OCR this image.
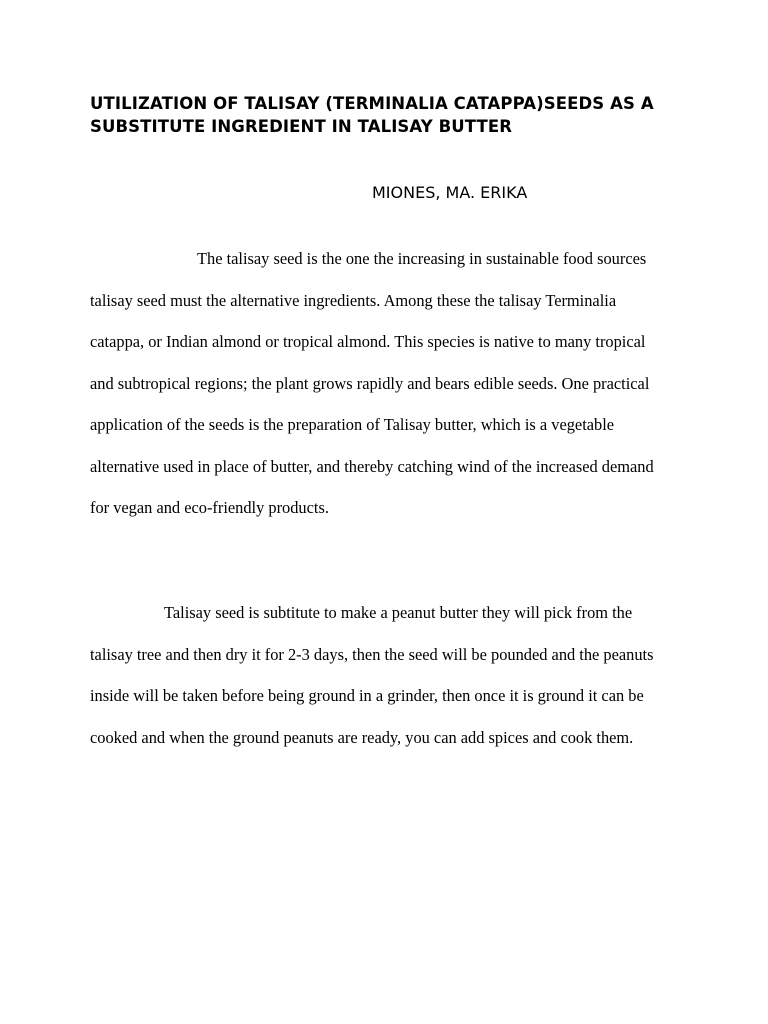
UTILIZATION OF TALISAY (TERMINALIA CATAPPA)SEEDS AS A SUBSTITUTE INGREDIENT IN TALISAY BUTTER

MIONES, MA. ERIKA

The talisay seed is the one the increasing in sustainable food sources talisay seed must the alternative ingredients. Among these the talisay Terminalia catappa, or Indian almond or tropical almond. This species is native to many tropical and subtropical regions; the plant grows rapidly and bears edible seeds. One practical application of the seeds is the preparation of Talisay butter, which is a vegetable alternative used in place of butter, and thereby catching wind of the increased demand for vegan and eco-friendly products.

Talisay seed is subtitute to make a peanut butter they will pick from the talisay tree and then dry it for 2-3 days, then the seed will be pounded and the peanuts inside will be taken before being ground in a grinder, then once it is ground it can be cooked and when the ground peanuts are ready, you can add spices and cook them.
